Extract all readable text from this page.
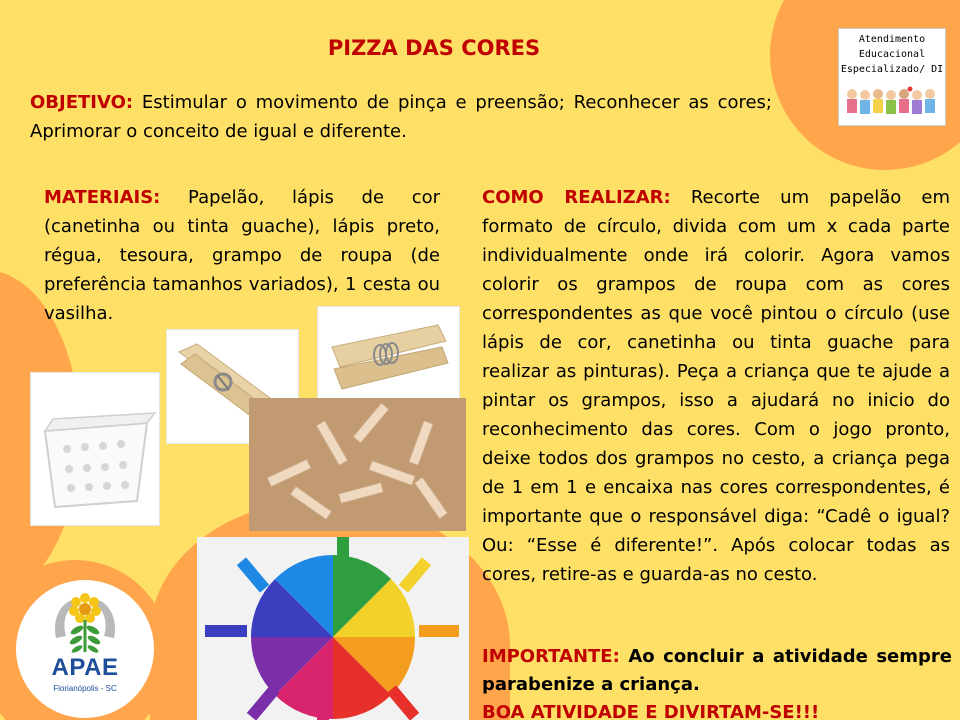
PIZZA DAS CORES

OBJETIVO: Estimular o movimento de pinça e preensão; Reconhecer as cores; Aprimorar o conceito de igual e diferente.

MATERIAIS: Papelão, lápis de cor (canetinha ou tinta guache), lápis preto, régua, tesoura, grampo de roupa (de preferência tamanhos variados), 1 cesta ou vasilha.

COMO REALIZAR: Recorte um papelão em formato de círculo, divida com um x cada parte individualmente onde irá colorir. Agora vamos colorir os grampos de roupa com as cores correspondentes as que você pintou o círculo (use lápis de cor, canetinha ou tinta guache para realizar as pinturas). Peça a criança que te ajude a pintar os grampos, isso a ajudará no inicio do reconhecimento das cores. Com o jogo pronto, deixe todos dos grampos no cesto, a criança pega de 1 em 1 e encaixa nas cores correspondentes, é importante que o responsável diga: “Cadê o igual? Ou: “Esse é diferente!”. Após colocar todas as cores, retire-as e guarda-as no cesto.

IMPORTANTE: Ao concluir a atividade sempre parabenize a criança.

BOA ATIVIDADE E DIVIRTAM-SE!!!
Atendimento
Educacional
Especializado/ DI
APAE
Florianópolis - SC
